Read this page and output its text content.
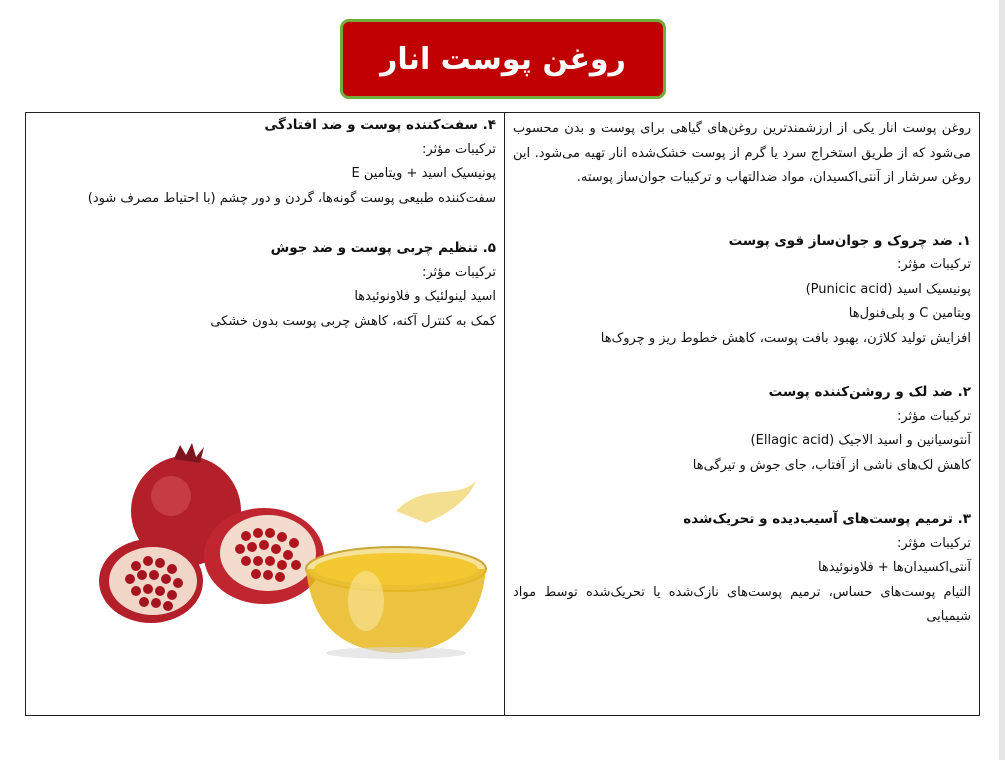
روغن پوست انار

روغن پوست انار یکی از ارزشمندترین روغن‌های گیاهی برای پوست و بدن محسوب می‌شود که از طریق استخراج سرد یا گرم از پوست خشک‌شده انار تهیه می‌شود. این روغن سرشار از آنتی‌اکسیدان، مواد ضدالتهاب و ترکیبات جوان‌ساز پوسته.

۱. ضد چروک و جوان‌ساز قوی پوست

ترکیبات مؤثر:

پونیسیک اسید (Punicic acid)

ویتامین C و پلی‌فنول‌ها

افزایش تولید کلاژن، بهبود بافت پوست، کاهش خطوط ریز و چروک‌ها

۲. ضد لک و روشن‌کننده پوست

ترکیبات مؤثر:

آنتوسیانین و اسید الاجیک (Ellagic acid)

کاهش لک‌های ناشی از آفتاب، جای جوش و تیرگی‌ها

۳. ترمیم پوست‌های آسیب‌دیده و تحریک‌شده

ترکیبات مؤثر:

آنتی‌اکسیدان‌ها + فلاونوئیدها

التیام پوست‌های حساس، ترمیم پوست‌های نازک‌شده یا تحریک‌شده توسط مواد شیمیایی

۴. سفت‌کننده پوست و ضد افتادگی

ترکیبات مؤثر:

پونیسیک اسید + ویتامین E

سفت‌کننده طبیعی پوست گونه‌ها، گردن و دور چشم (با احتیاط مصرف شود)

۵. تنظیم چربی پوست و ضد جوش

ترکیبات مؤثر:

اسید لینولئیک و فلاونوئیدها

کمک به کنترل آکنه، کاهش چربی پوست بدون خشکی
